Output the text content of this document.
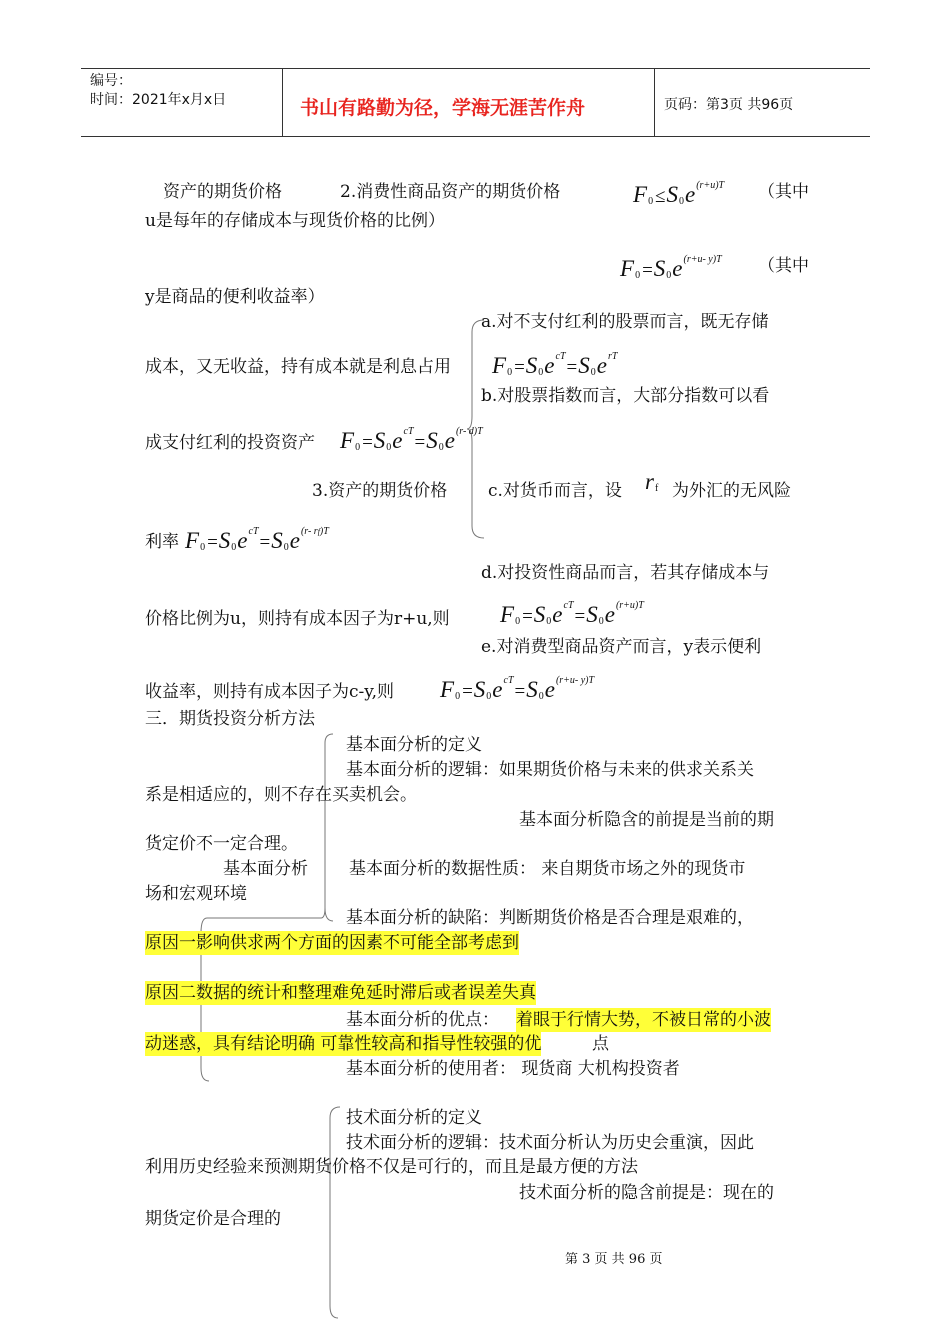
编号：
时间：2021年x月x日	书山有路勤为径，学海无涯苦作舟	页码：第3页 共96页
资产的期货价格	2.消费性商品资产的期货价格	$F_0 \le S_0e^{(r+u)T}$ （其中
u是每年的存储成本与现货价格的比例）
$F_0 =S_0e^{(r+u- y)T}$ （其中
y是商品的便利收益率）
a.对不支付红利的股票而言，既无存储
成本，又无收益，持有成本就是利息占用 $F_0 =S_0e^{cT}=S_0e^{rT}$
b.对股票指数而言，大部分指数可以看
成支付红利的投资资产 $F_0 =S_0e^{cT}=S_0e^{(r- d)T}$
3.资产的期货价格 c.对货币而言，设 $r_f$ 为外汇的无风险
利率 $F_0 =S_0e^{cT}=S_0e^{(r- rf)T}$
d.对投资性商品而言，若其存储成本与
价格比例为u，则持有成本因子为r+u,则 $F_0 =S_0e^{cT}=S_0e^{(r+u)T}$
e.对消费型商品资产而言，y表示便利
收益率，则持有成本因子为c-y,则 $F_0 =S_0e^{cT}=S_0e^{(r+u- y)T}$
三．期货投资分析方法
基本面分析的定义
基本面分析的逻辑：如果期货价格与未来的供求关系关
系是相适应的，则不存在买卖机会。
基本面分析隐含的前提是当前的期
货定价不一定合理。
基本面分析 基本面分析的数据性质： 来自期货市场之外的现货市
场和宏观环境
基本面分析的缺陷：判断期货价格是否合理是艰难的，
原因一影响供求两个方面的因素不可能全部考虑到
原因二数据的统计和整理难免延时滞后或者误差失真
基本面分析的优点： 着眼于行情大势，不被日常的小波
动迷惑，具有结论明确 可靠性较高和指导性较强的优	点
基本面分析的使用者： 现货商 大机构投资者
技术面分析的定义
技术面分析的逻辑：技术面分析认为历史会重演，因此
利用历史经验来预测期货价格不仅是可行的，而且是最方便的方法
技术面分析的隐含前提是：现在的
期货定价是合理的
第 3 页 共 96 页
